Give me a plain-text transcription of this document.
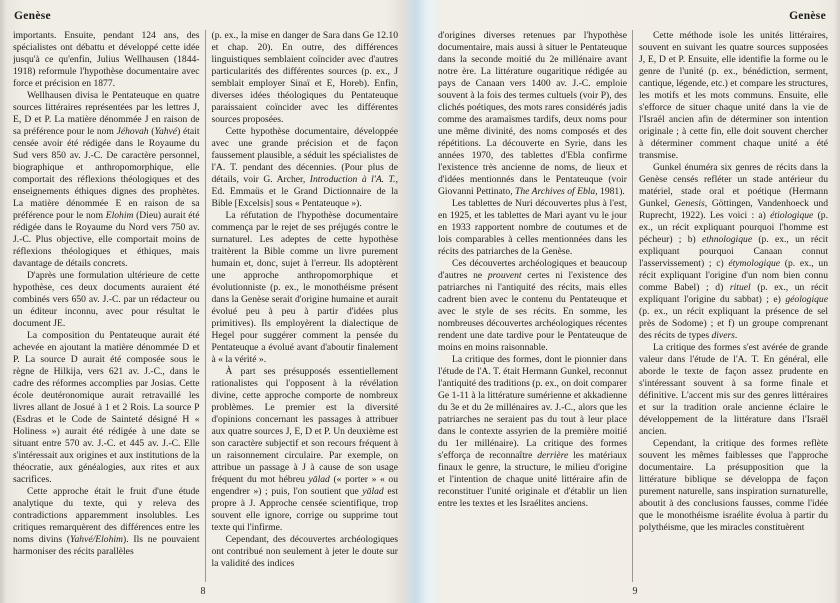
Genèse

importants. Ensuite, pendant 124 ans, des spécialistes ont débattu et développé cette idée jusqu'à ce qu'enfin, Julius Wellhausen (1844-1918) reformule l'hypothèse documentaire avec force et précision en 1877.

Wellhausen divisa le Pentateuque en quatre sources littéraires représentées par les lettres J, E, D et P. La matière dénommée J en raison de sa préférence pour le nom Jéhovah (Yahvé) était censée avoir été rédigée dans le Royaume du Sud vers 850 av. J.-C. De caractère personnel, biographique et anthropomorphique, elle comportait des réflexions théologiques et des enseignements éthiques dignes des prophètes. La matière dénommée E en raison de sa préférence pour le nom Elohim (Dieu) aurait été rédigée dans le Royaume du Nord vers 750 av. J.-C. Plus objective, elle comportait moins de réflexions théologiques et éthiques, mais davantage de détails concrets.

D'après une formulation ultérieure de cette hypothèse, ces deux documents auraient été combinés vers 650 av. J.-C. par un rédacteur ou un éditeur inconnu, avec pour résultat le document JE.

La composition du Pentateuque aurait été achevée en ajoutant la matière dénommée D et P. La source D aurait été composée sous le règne de Hilkija, vers 621 av. J.-C., dans le cadre des réformes accomplies par Josias. Cette école deutéronomique aurait retravaillé les livres allant de Josué à 1 et 2 Rois. La source P (Esdras et le Code de Sainteté désigné H « Holiness ») aurait été rédigée à une date se situant entre 570 av. J.-C. et 445 av. J.-C. Elle s'intéressait aux origines et aux institutions de la théocratie, aux généalogies, aux rites et aux sacrifices.

Cette approche était le fruit d'une étude analytique du texte, qui y releva des contradictions apparemment insolubles. Les critiques remarquèrent des différences entre les noms divins (Yahvé/Elohim). Ils ne pouvaient harmoniser des récits parallèles

(p. ex., la mise en danger de Sara dans Ge 12.10 et chap. 20). En outre, des différences linguistiques semblaient coïncider avec d'autres particularités des différentes sources (p. ex., J semblait employer Sinaï et E, Horeb). Enfin, diverses idées théologiques du Pentateuque paraissaient coïncider avec les différentes sources proposées.

Cette hypothèse documentaire, développée avec une grande précision et de façon faussement plausible, a séduit les spécialistes de l'A. T. pendant des décennies. (Pour plus de détails, voir G. Archer, Introduction à l'A. T., Ed. Emmaüs et le Grand Dictionnaire de la Bible [Excelsis] sous « Pentateuque »).

La réfutation de l'hypothèse documentaire commença par le rejet de ses préjugés contre le surnaturel. Les adeptes de cette hypothèse traitèrent la Bible comme un livre purement humain et, donc, sujet à l'erreur. Ils adoptèrent une approche anthropomorphique et évolutionniste (p. ex., le monothéisme présent dans la Genèse serait d'origine humaine et aurait évolué peu à peu à partir d'idées plus primitives). Ils employèrent la dialectique de Hegel pour suggérer comment la pensée du Pentateuque a évolué avant d'aboutir finalement à « la vérité ».

À part ses présupposés essentiellement rationalistes qui l'opposent à la révélation divine, cette approche comporte de nombreux problèmes. Le premier est la diversité d'opinions concernant les passages à attribuer aux quatre sources J, E, D et P. Un deuxième est son caractère subjectif et son recours fréquent à un raisonnement circulaire. Par exemple, on attribue un passage à J à cause de son usage fréquent du mot hébreu yālad (« porter » « ou engendrer ») ; puis, l'on soutient que yālad est propre à J. Approche censée scientifique, trop souvent elle ignore, corrige ou supprime tout texte qui l'infirme.

Cependant, des découvertes archéologiques ont contribué non seulement à jeter le doute sur la validité des indices

8
Genèse

d'origines diverses retenues par l'hypothèse documentaire, mais aussi à situer le Pentateuque dans la seconde moitié du 2e millénaire avant notre ère. La littérature ougaritique rédigée au pays de Canaan vers 1400 av. J.-C. emploie souvent à la fois des termes cultuels (voir P), des clichés poétiques, des mots rares considérés jadis comme des aramaïsmes tardifs, deux noms pour une même divinité, des noms composés et des répétitions. La découverte en Syrie, dans les années 1970, des tablettes d'Ebla confirme l'existence très ancienne de noms, de lieux et d'idées mentionnés dans le Pentateuque (voir Giovanni Pettinato, The Archives of Ebla, 1981).

Les tablettes de Nuri découvertes plus à l'est, en 1925, et les tablettes de Mari ayant vu le jour en 1933 rapportent nombre de coutumes et de lois comparables à celles mentionnées dans les récits des patriarches de la Genèse.

Ces découvertes archéologiques et beaucoup d'autres ne prouvent certes ni l'existence des patriarches ni l'antiquité des récits, mais elles cadrent bien avec le contenu du Pentateuque et avec le style de ses récits. En somme, les nombreuses découvertes archéologiques récentes rendent une date tardive pour le Pentateuque de moins en moins raisonnable.

La critique des formes, dont le pionnier dans l'étude de l'A. T. était Hermann Gunkel, reconnut l'antiquité des traditions (p. ex., on doit comparer Ge 1-11 à la littérature sumérienne et akkadienne du 3e et du 2e millénaires av. J.-C., alors que les patriarches ne seraient pas du tout à leur place dans le contexte assyrien de la première moitié du 1er millénaire). La critique des formes s'efforça de reconnaître derrière les matériaux finaux le genre, la structure, le milieu d'origine et l'intention de chaque unité littéraire afin de reconstituer l'unité originale et d'établir un lien entre les textes et les Israélites anciens.

Cette méthode isole les unités littéraires, souvent en suivant les quatre sources supposées J, E, D et P. Ensuite, elle identifie la forme ou le genre de l'unité (p. ex., bénédiction, serment, cantique, légende, etc.) et compare les structures, les motifs et les mots communs. Ensuite, elle s'efforce de situer chaque unité dans la vie de l'Israël ancien afin de déterminer son intention originale ; à cette fin, elle doit souvent chercher à déterminer comment chaque unité a été transmise.

Gunkel énuméra six genres de récits dans la Genèse censés refléter un stade antérieur du matériel, stade oral et poétique (Hermann Gunkel, Genesis, Göttingen, Vandenhoeck und Ruprecht, 1922). Les voici : a) étiologique (p. ex., un récit expliquant pourquoi l'homme est pécheur) ; b) ethnologique (p. ex., un récit expliquant pourquoi Canaan connut l'asservissement) ; c) étymologique (p. ex., un récit expliquant l'origine d'un nom bien connu comme Babel) ; d) rituel (p. ex., un récit expliquant l'origine du sabbat) ; e) géologique (p. ex., un récit expliquant la présence de sel près de Sodome) ; et f) un groupe comprenant des récits de types divers.

La critique des formes s'est avérée de grande valeur dans l'étude de l'A. T. En général, elle aborde le texte de façon assez prudente en s'intéressant souvent à sa forme finale et définitive. L'accent mis sur des genres littéraires et sur la tradition orale ancienne éclaire le développement de la littérature dans l'Israël ancien.

Cependant, la critique des formes reflète souvent les mêmes faiblesses que l'approche documentaire. La présupposition que la littérature biblique se développa de façon purement naturelle, sans inspiration surnaturelle, aboutit à des conclusions fausses, comme l'idée que le monothéisme israélite évolua à partir du polythéisme, que les miracles constituèrent

9
